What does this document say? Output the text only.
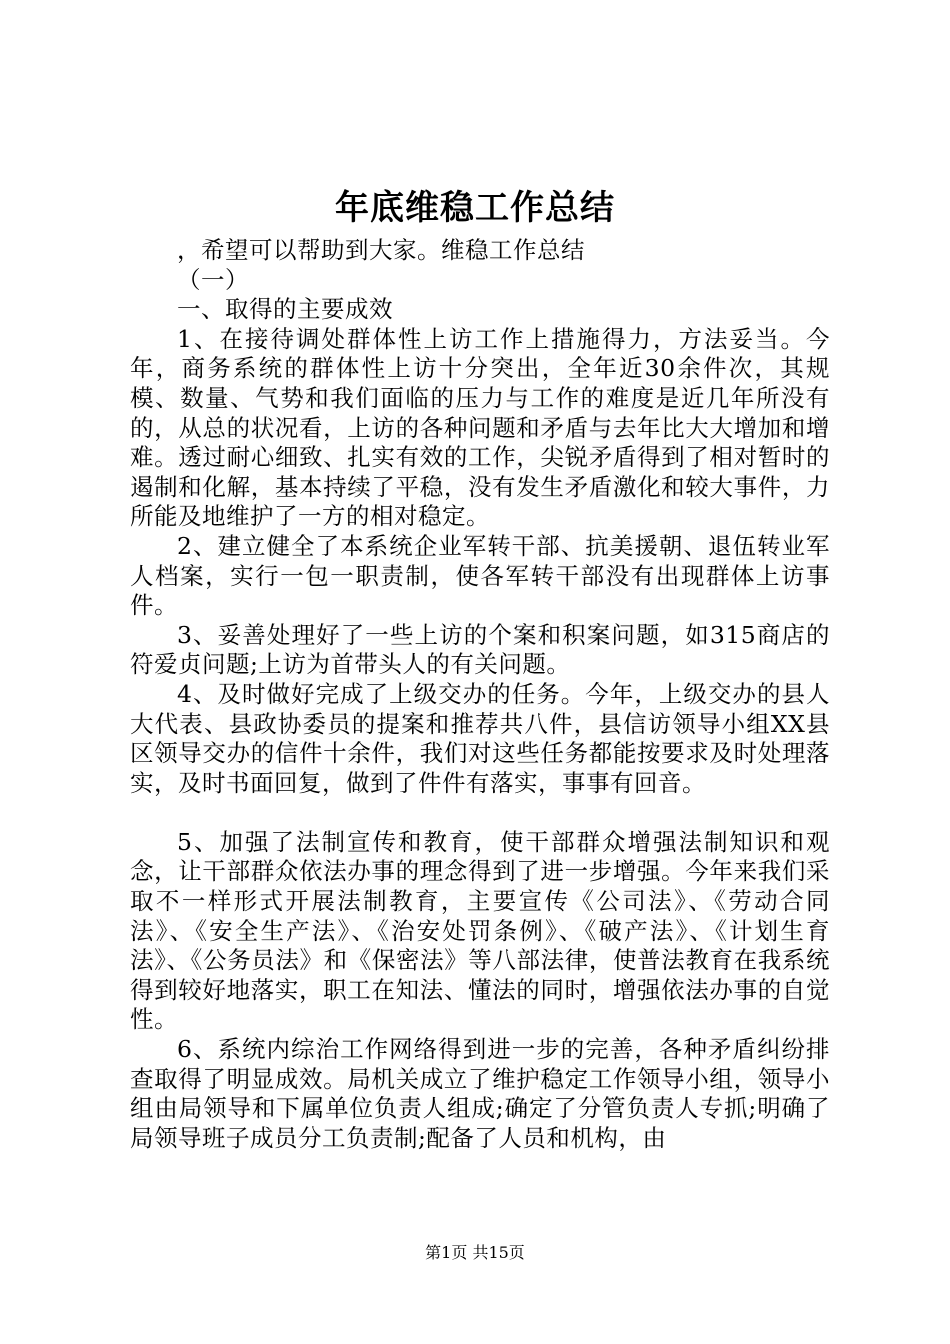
年底维稳工作总结

，希望可以帮助到大家。维稳工作总结

（一）

一、取得的主要成效

1、在接待调处群体性上访工作上措施得力，方法妥当。今年，商务系统的群体性上访十分突出，全年近30余件次，其规模、数量、气势和我们面临的压力与工作的难度是近几年所没有的，从总的状况看，上访的各种问题和矛盾与去年比大大增加和增难。透过耐心细致、扎实有效的工作，尖锐矛盾得到了相对暂时的遏制和化解，基本持续了平稳，没有发生矛盾激化和较大事件，力所能及地维护了一方的相对稳定。

2、建立健全了本系统企业军转干部、抗美援朝、退伍转业军人档案，实行一包一职责制，使各军转干部没有出现群体上访事件。

3、妥善处理好了一些上访的个案和积案问题，如315商店的符爱贞问题;上访为首带头人的有关问题。

4、及时做好完成了上级交办的任务。今年，上级交办的县人大代表、县政协委员的提案和推荐共八件，县信访领导小组XX县区领导交办的信件十余件，我们对这些任务都能按要求及时处理落实，及时书面回复，做到了件件有落实，事事有回音。

5、加强了法制宣传和教育，使干部群众增强法制知识和观念，让干部群众依法办事的理念得到了进一步增强。今年来我们采取不一样形式开展法制教育，主要宣传《公司法》、《劳动合同法》、《安全生产法》、《治安处罚条例》、《破产法》、《计划生育法》、《公务员法》和《保密法》等八部法律，使普法教育在我系统得到较好地落实，职工在知法、懂法的同时，增强依法办事的自觉性。

6、系统内综治工作网络得到进一步的完善，各种矛盾纠纷排查取得了明显成效。局机关成立了维护稳定工作领导小组，领导小组由局领导和下属单位负责人组成;确定了分管负责人专抓;明确了局领导班子成员分工负责制;配备了人员和机构，由

第1页 共15页
